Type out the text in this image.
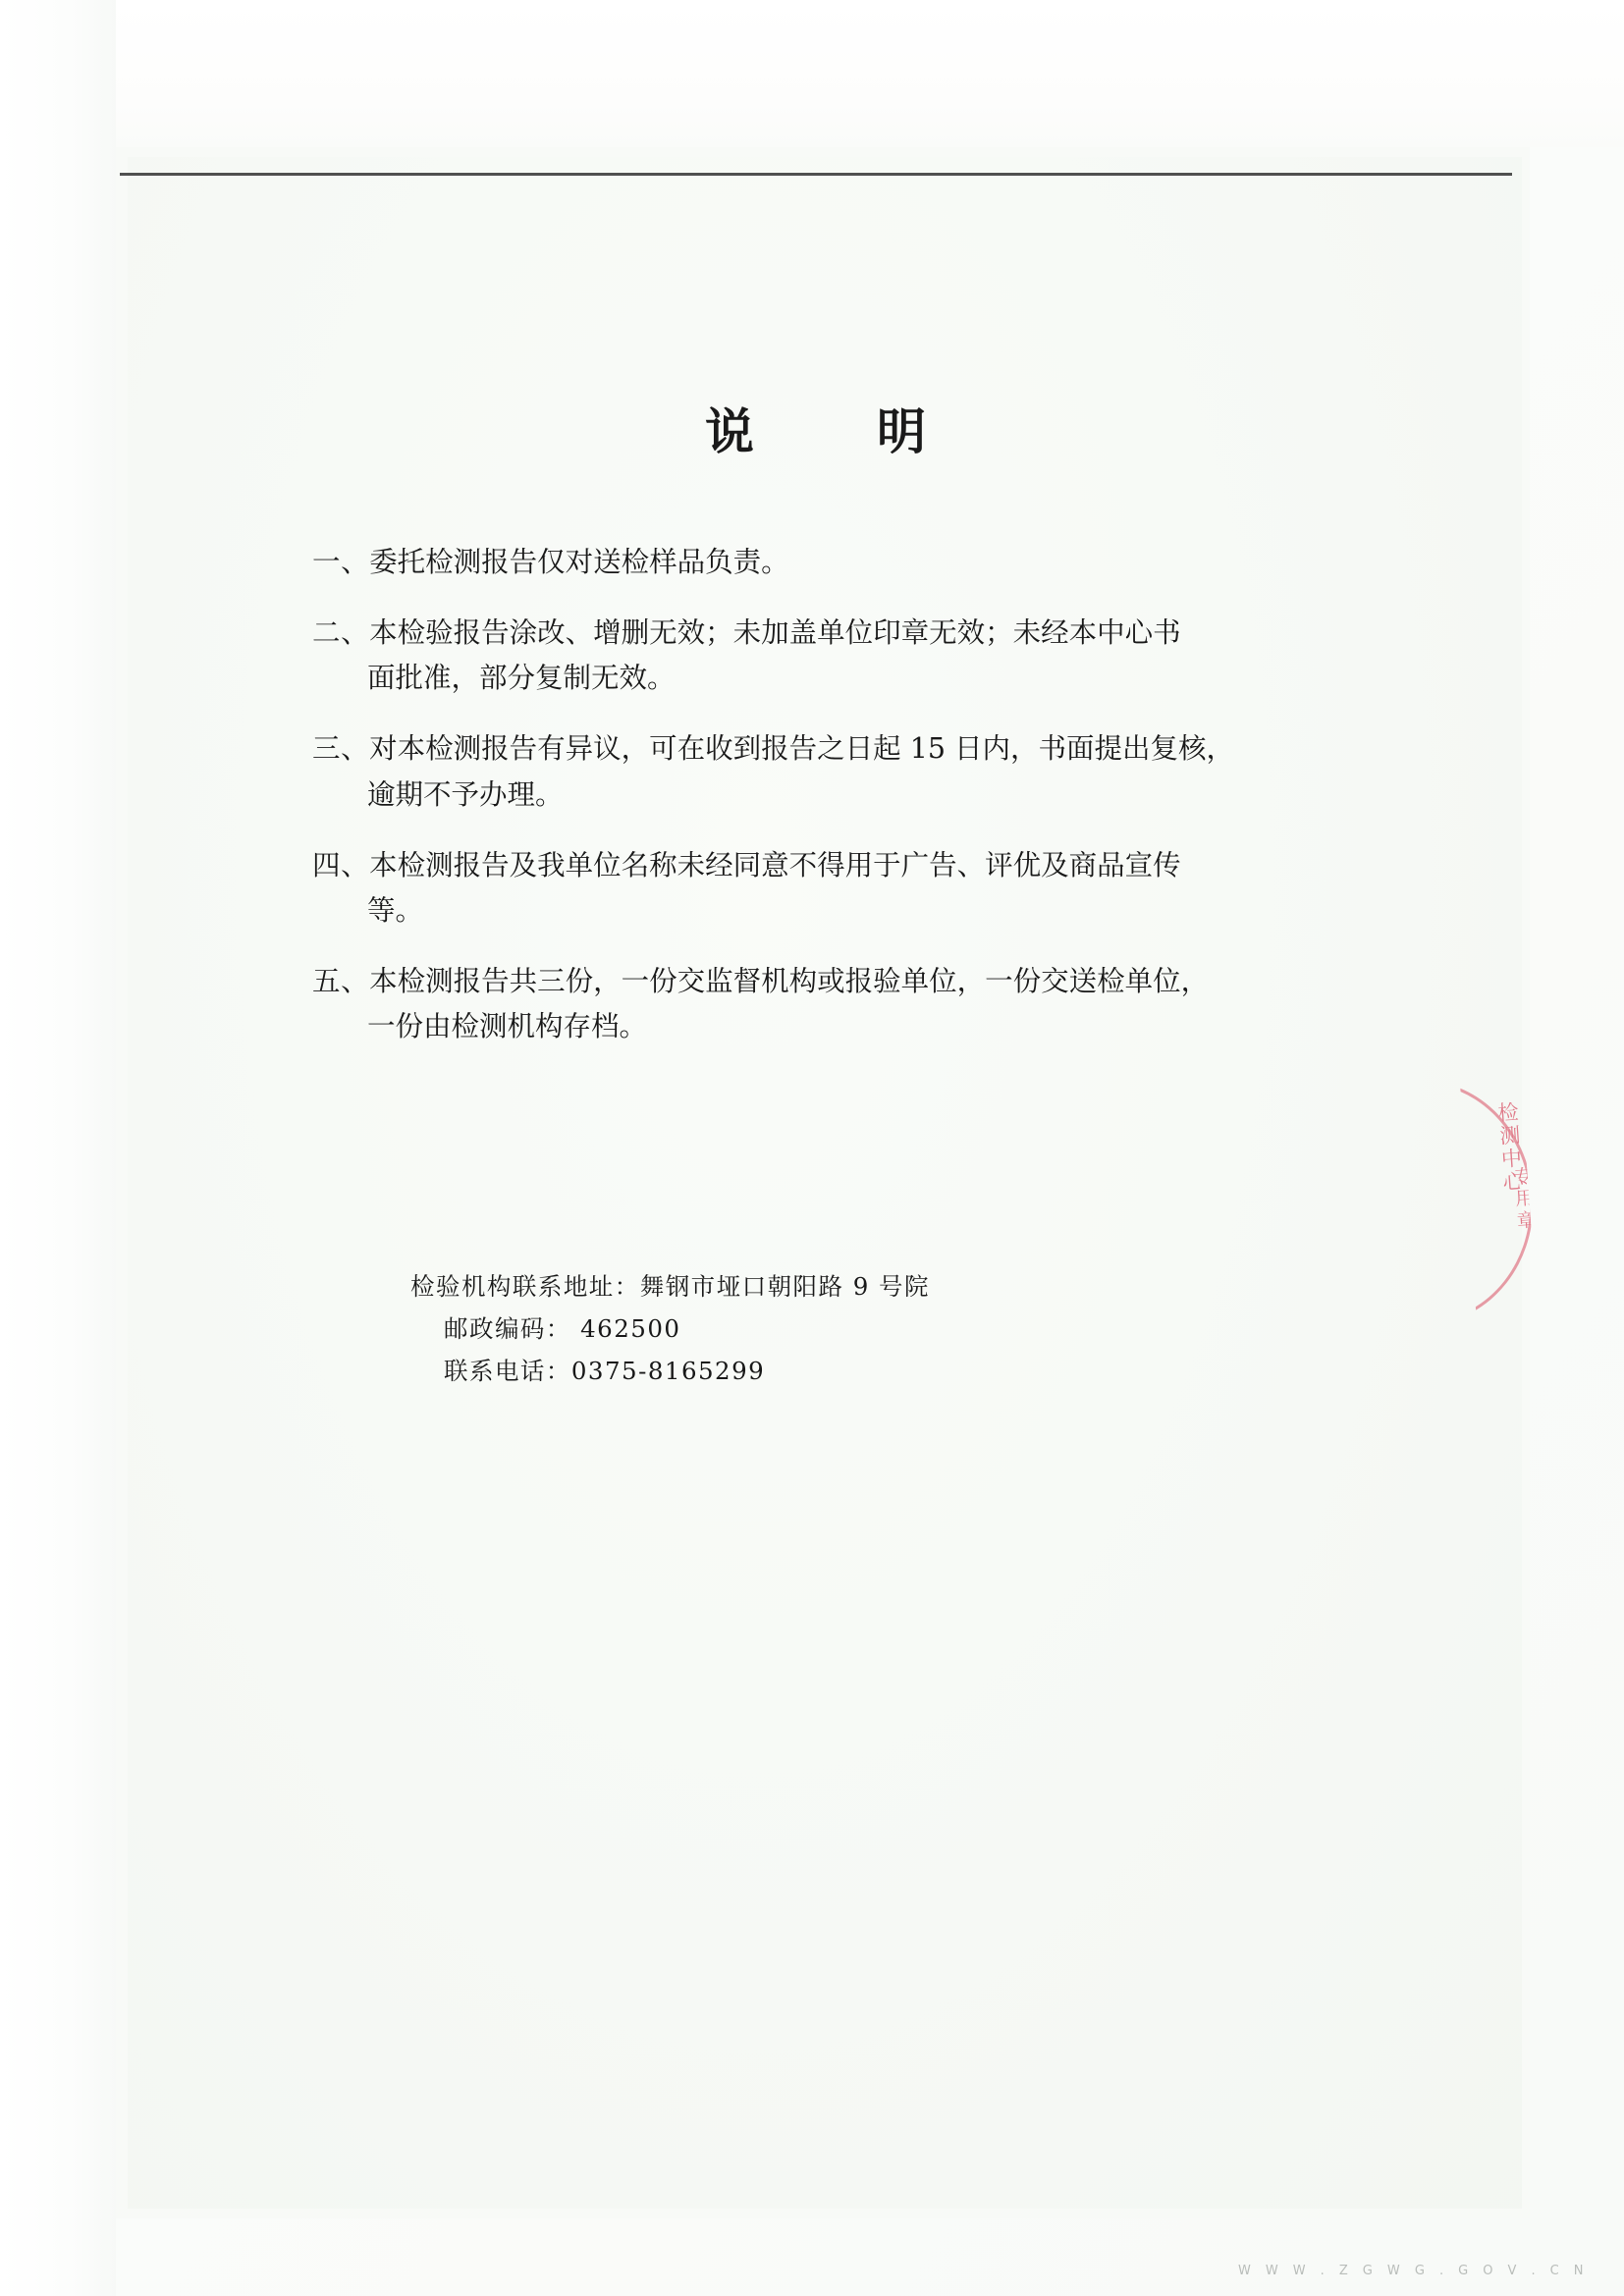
说 明
一、委托检测报告仅对送检样品负责。
二、本检验报告涂改、增删无效；未加盖单位印章无效；未经本中心书
面批准，部分复制无效。
三、对本检测报告有异议，可在收到报告之日起 15 日内，书面提出复核，
逾期不予办理。
四、本检测报告及我单位名称未经同意不得用于广告、评优及商品宣传
等。
五、本检测报告共三份，一份交监督机构或报验单位，一份交送检单位，
一份由检测机构存档。
检验机构联系地址：舞钢市垭口朝阳路 9 号院
邮政编码： 462500
联系电话：0375-8165299
检测中心
专用章
W W W . Z G W G . G O V . C N
